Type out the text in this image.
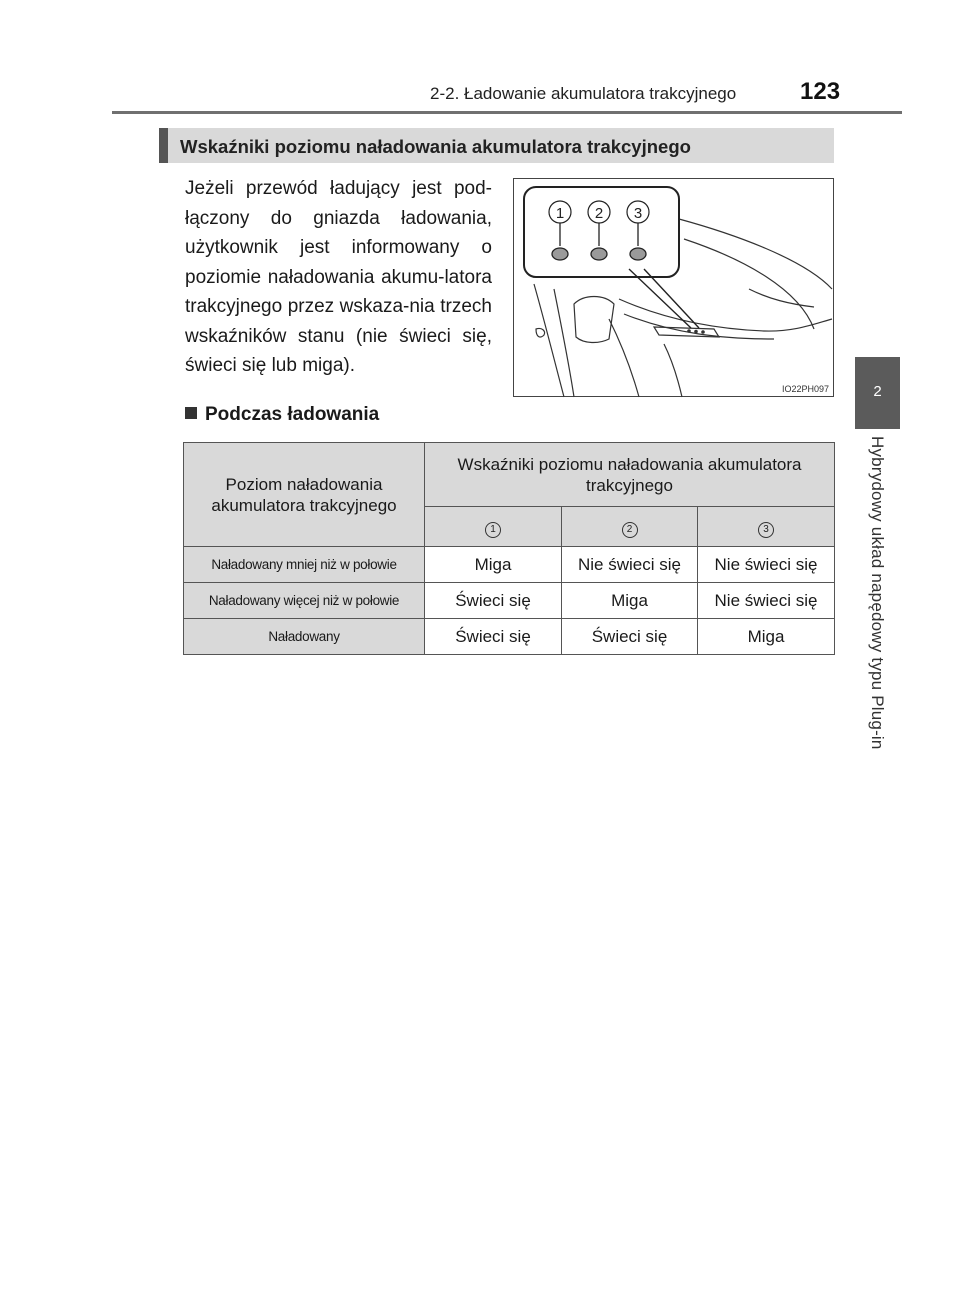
2-2. Ładowanie akumulatora trakcyjnego	123
2
Hybrydowy układ napędowy typu Plug-in
Wskaźniki poziomu naładowania akumulatora trakcyjnego
Jeżeli przewód ładujący jest pod-łączony do gniazda ładowania, użytkownik jest informowany o poziomie naładowania akumu-latora trakcyjnego przez wskaza-nia trzech wskaźników stanu (nie świeci się, świeci się lub miga).
1 2 3
IO22PH097
Podczas ładowania
Poziom naładowania akumulatora trakcyjnego	Wskaźniki poziomu naładowania akumulatora trakcyjnego		
	1	2	3
Naładowany mniej niż w połowie	Miga	Nie świeci się	Nie świeci się
Naładowany więcej niż w połowie	Świeci się	Miga	Nie świeci się
Naładowany	Świeci się	Świeci się	Miga
